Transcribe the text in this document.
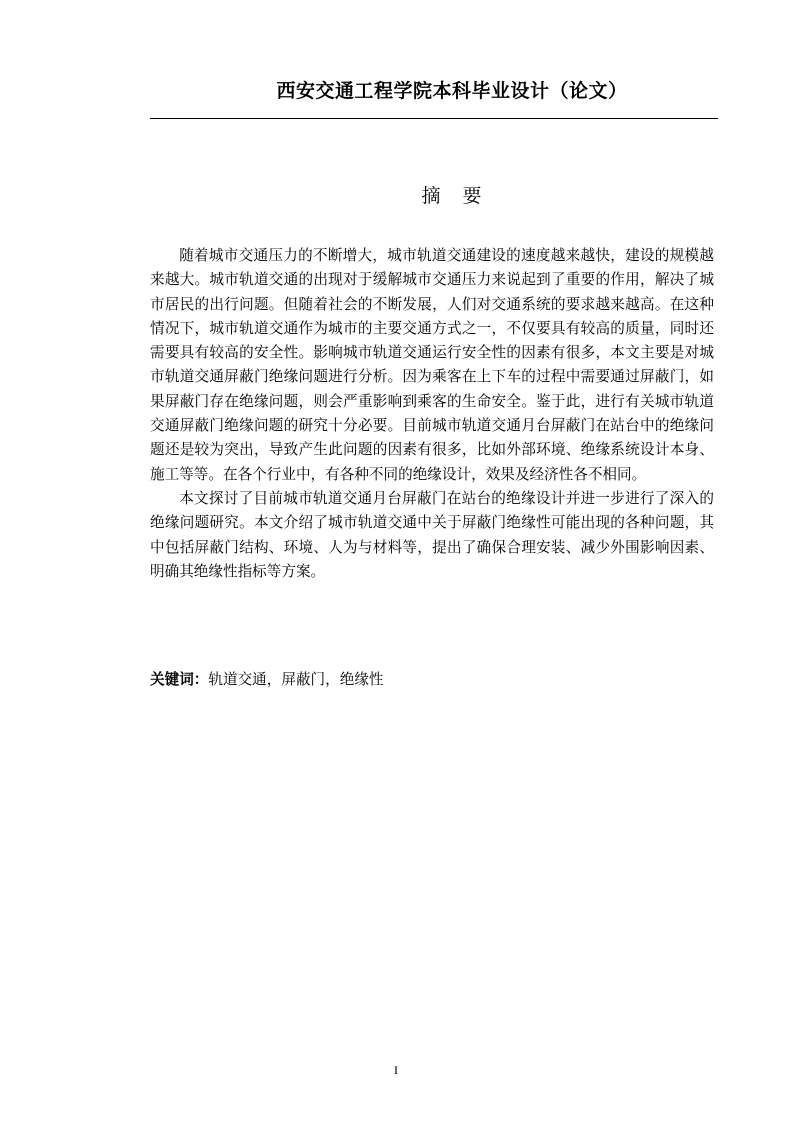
西安交通工程学院本科毕业设计（论文）
摘 要

随着城市交通压力的不断增大，城市轨道交通建设的速度越来越快，建设的规模越来越大。城市轨道交通的出现对于缓解城市交通压力来说起到了重要的作用，解决了城市居民的出行问题。但随着社会的不断发展，人们对交通系统的要求越来越高。在这种情况下，城市轨道交通作为城市的主要交通方式之一，不仅要具有较高的质量，同时还需要具有较高的安全性。影响城市轨道交通运行安全性的因素有很多，本文主要是对城市轨道交通屏蔽门绝缘问题进行分析。因为乘客在上下车的过程中需要通过屏蔽门，如果屏蔽门存在绝缘问题，则会严重影响到乘客的生命安全。鉴于此，进行有关城市轨道交通屏蔽门绝缘问题的研究十分必要。目前城市轨道交通月台屏蔽门在站台中的绝缘问题还是较为突出，导致产生此问题的因素有很多，比如外部环境、绝缘系统设计本身、施工等等。在各个行业中，有各种不同的绝缘设计，效果及经济性各不相同。

本文探讨了目前城市轨道交通月台屏蔽门在站台的绝缘设计并进一步进行了深入的绝缘问题研究。本文介绍了城市轨道交通中关于屏蔽门绝缘性可能出现的各种问题，其中包括屏蔽门结构、环境、人为与材料等，提出了确保合理安装、减少外围影响因素、明确其绝缘性指标等方案。

关键词：轨道交通，屏蔽门，绝缘性
I
